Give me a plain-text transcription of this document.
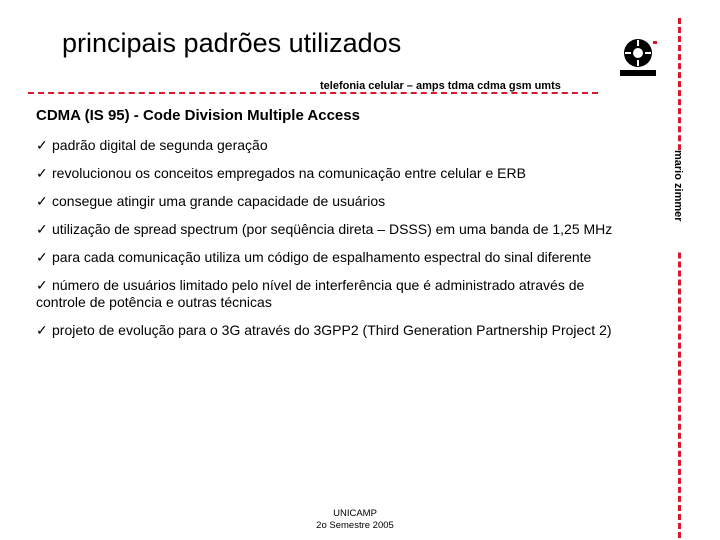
principais padrões utilizados
telefonia celular – amps tdma cdma gsm umts
mario zimmer
CDMA (IS 95) - Code Division Multiple Access
✓ padrão digital de segunda geração
✓ revolucionou os conceitos empregados na comunicação entre celular e ERB
✓ consegue atingir uma grande capacidade de usuários
✓ utilização de spread spectrum (por seqüência direta – DSSS) em uma banda de 1,25 MHz
✓ para cada comunicação utiliza um código de espalhamento espectral do sinal diferente
✓ número de usuários limitado pelo nível de interferência que é administrado através de controle de potência e outras técnicas
✓ projeto de evolução para o 3G através do 3GPP2 (Third Generation Partnership Project 2)
UNICAMP
2o Semestre 2005
